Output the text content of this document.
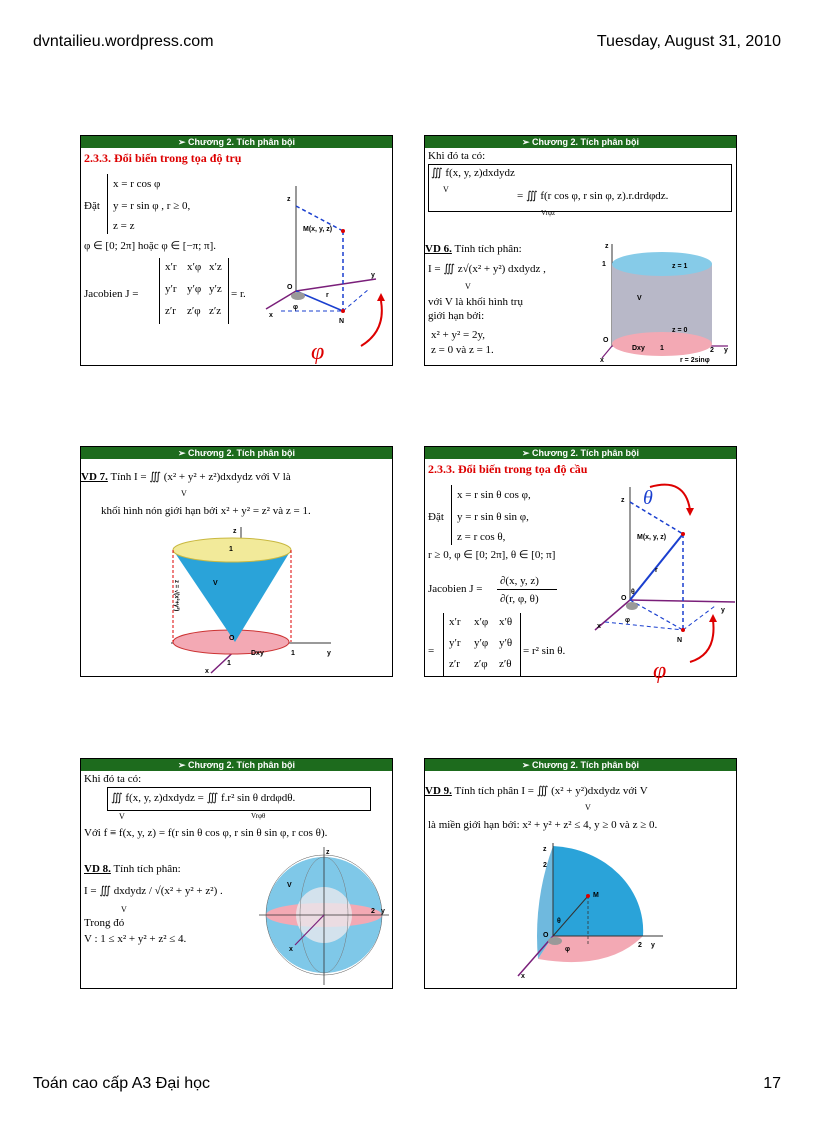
dvntailieu.wordpress.com	Tuesday, August 31, 2010
➢ Chương 2. Tích phân bội
2.3.3. Đổi biến trong tọa độ trụ
Đặt
x = r cos φ
y = r sin φ , r ≥ 0,
z = z
φ ∈ [0; 2π] hoặc φ ∈ [−π; π].
Jacobien J =
x′r x′φ x′z
y′r y′φ y′z
z′r z′φ z′z
= r.
z
M(x, y, z)
O
φ
r
N
x
y
φ
➢ Chương 2. Tích phân bội
Khi đó ta có:
∭ f(x, y, z)dxdydz
V
= ∭ f(r cos φ, r sin φ, z).r.drdφdz.
Vrφz
VD 6. Tính tích phân:
I = ∭ z√(x² + y²) dxdydz ,
V
với V là khối hình trụ
giới hạn bởi:
x² + y² = 2y,
z = 0 và z = 1.
z = 1
V
z = 0
z
1
O
Dxy 1	2 y
x	r = 2sinφ
➢ Chương 2. Tích phân bội
VD 7. Tính I = ∭ (x² + y² + z²)dxdydz với V là
V
khối hình nón giới hạn bởi x² + y² = z² và z = 1.
z
1
V
z = √(x²+y²)
O
Dxy	1	y
1
x
➢ Chương 2. Tích phân bội
2.3.3. Đổi biến trong tọa độ cầu
Đặt
x = r sin θ cos φ,
y = r sin θ sin φ,
z = r cos θ,
r ≥ 0, φ ∈ [0; 2π], θ ∈ [0; π]
Jacobien J =
∂(x, y, z)
∂(r, φ, θ)
=
x′r x′φ x′θ
y′r y′φ y′θ
z′r z′φ z′θ
= r² sin θ.
z θ
M(x, y, z)
r
θ
O
φ
N
x
y
φ
➢ Chương 2. Tích phân bội
Khi đó ta có:
∭ f(x, y, z)dxdydz = ∭ f.r² sin θ drdφdθ.
V	Vrφθ
Với f ≡ f(x, y, z) = f(r sin θ cos φ, r sin θ sin φ, r cos θ).
VD 8. Tính tích phân:
I = ∭ dxdydz / √(x² + y² + z²) .
V
Trong đó
V : 1 ≤ x² + y² + z² ≤ 4.
z
V
2 y
x
➢ Chương 2. Tích phân bội
VD 9. Tính tích phân I = ∭ (x² + y²)dxdydz với V
V
là miền giới hạn bởi: x² + y² + z² ≤ 4, y ≥ 0 và z ≥ 0.
z
2
M
θ
O
φ
2 y
x
Toán cao cấp A3 Đại học	17
